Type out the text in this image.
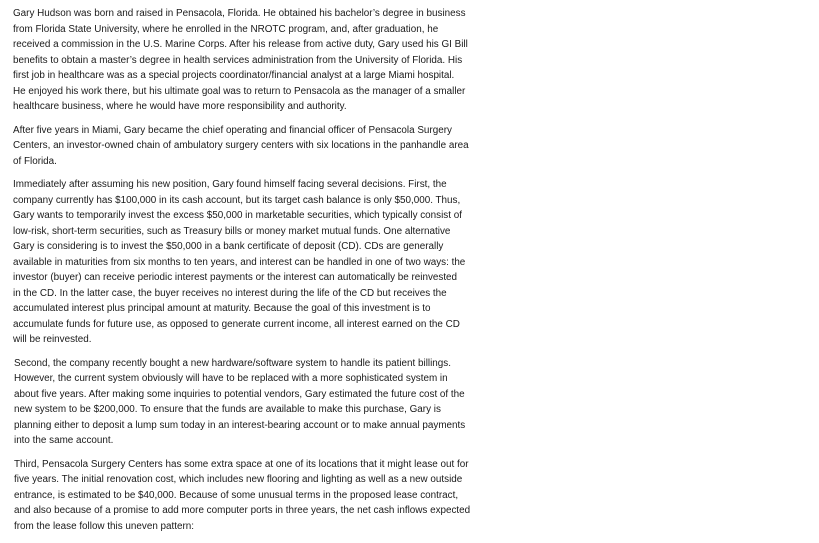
Gary Hudson was born and raised in Pensacola, Florida. He obtained his bachelor’s degree in business
from Florida State University, where he enrolled in the NROTC program, and, after graduation, he
received a commission in the U.S. Marine Corps. After his release from active duty, Gary used his GI Bill
benefits to obtain a master’s degree in health services administration from the University of Florida. His
first job in healthcare was as a special projects coordinator/financial analyst at a large Miami hospital.
He enjoyed his work there, but his ultimate goal was to return to Pensacola as the manager of a smaller
healthcare business, where he would have more responsibility and authority.
After five years in Miami, Gary became the chief operating and financial officer of Pensacola Surgery
Centers, an investor-owned chain of ambulatory surgery centers with six locations in the panhandle area
of Florida.
Immediately after assuming his new position, Gary found himself facing several decisions. First, the
company currently has $100,000 in its cash account, but its target cash balance is only $50,000. Thus,
Gary wants to temporarily invest the excess $50,000 in marketable securities, which typically consist of
low-risk, short-term securities, such as Treasury bills or money market mutual funds. One alternative
Gary is considering is to invest the $50,000 in a bank certificate of deposit (CD). CDs are generally
available in maturities from six months to ten years, and interest can be handled in one of two ways: the
investor (buyer) can receive periodic interest payments or the interest can automatically be reinvested
in the CD. In the latter case, the buyer receives no interest during the life of the CD but receives the
accumulated interest plus principal amount at maturity. Because the goal of this investment is to
accumulate funds for future use, as opposed to generate current income, all interest earned on the CD
will be reinvested.
Second, the company recently bought a new hardware/software system to handle its patient billings.
However, the current system obviously will have to be replaced with a more sophisticated system in
about five years. After making some inquiries to potential vendors, Gary estimated the future cost of the
new system to be $200,000. To ensure that the funds are available to make this purchase, Gary is
planning either to deposit a lump sum today in an interest-bearing account or to make annual payments
into the same account.
Third, Pensacola Surgery Centers has some extra space at one of its locations that it might lease out for
five years. The initial renovation cost, which includes new flooring and lighting as well as a new outside
entrance, is estimated to be $40,000. Because of some unusual terms in the proposed lease contract,
and also because of a promise to add more computer ports in three years, the net cash inflows expected
from the lease follow this uneven pattern:
